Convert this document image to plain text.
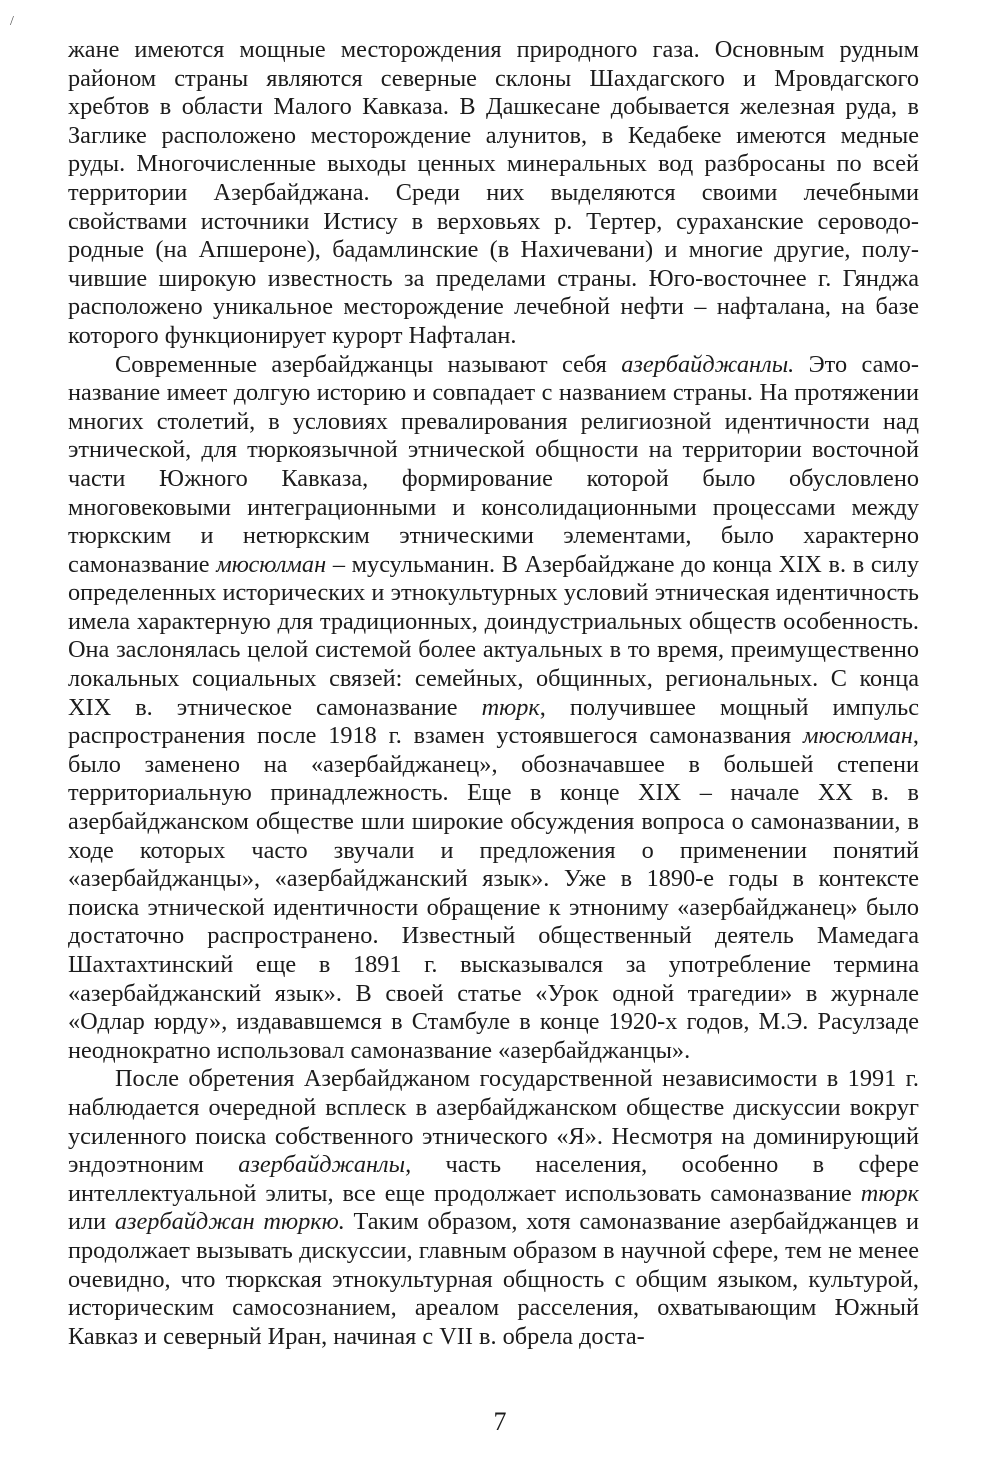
/

жане имеются мощные месторождения природного газа. Основным рудным районом страны являются северные склоны Шахдагского и Мровдагского хребтов в области Малого Кавказа. В Дашкесане добывается железная руда, в Заглике расположено месторождение алунитов, в Кедабеке имеются медные руды. Многочисленные выходы ценных минеральных вод разбросаны по всей территории Азербайджана. Среди них выделяются своими лечебными свойствами источники Истису в верховьях р. Тертер, сураханские сероводородные (на Апшероне), бадамлинские (в Нахичевани) и многие другие, получившие широкую известность за пределами страны. Юго-восточнее г. Гянджа расположено уникальное месторождение лечебной нефти – нафталана, на базе которого функционирует курорт Нафталан.

Современные азербайджанцы называют себя азербайджанлы. Это самоназвание имеет долгую историю и совпадает с названием страны. На протяжении многих столетий, в условиях превалирования религиозной идентичности над этнической, для тюркоязычной этнической общности на территории восточной части Южного Кавказа, формирование которой было обусловлено многовековыми интеграционными и консолидационными процессами между тюркским и нетюркским этническими элементами, было характерно самоназвание мюсюлман – мусульманин. В Азербайджане до конца XIX в. в силу определенных исторических и этнокультурных условий этническая идентичность имела характерную для традиционных, доиндустриальных обществ особенность. Она заслонялась целой системой более актуальных в то время, преимущественно локальных социальных связей: семейных, общинных, региональных. С конца XIX в. этническое самоназвание тюрк, получившее мощный импульс распространения после 1918 г. взамен устоявшегося самоназвания мюсюлман, было заменено на «азербайджанец», обозначавшее в большей степени территориальную принадлежность. Еще в конце XIX – начале XX в. в азербайджанском обществе шли широкие обсуждения вопроса о самоназвании, в ходе которых часто звучали и предложения о применении понятий «азербайджанцы», «азербайджанский язык». Уже в 1890-е годы в контексте поиска этнической идентичности обращение к этнониму «азербайджанец» было достаточно распространено. Известный общественный деятель Мамедага Шахтахтинский еще в 1891 г. высказывался за употребление термина «азербайджанский язык». В своей статье «Урок одной трагедии» в журнале «Одлар юрду», издававшемся в Стамбуле в конце 1920-х годов, М.Э. Расулзаде неоднократно использовал самоназвание «азербайджанцы».

После обретения Азербайджаном государственной независимости в 1991 г. наблюдается очередной всплеск в азербайджанском обществе дискуссии вокруг усиленного поиска собственного этнического «Я». Несмотря на доминирующий эндоэтноним азербайджанлы, часть населения, особенно в сфере интеллектуальной элиты, все еще продолжает использовать самоназвание тюрк или азербайджан тюркю. Таким образом, хотя самоназвание азербайджанцев и продолжает вызывать дискуссии, главным образом в научной сфере, тем не менее очевидно, что тюркская этнокультурная общность с общим языком, культурой, историческим самосознанием, ареалом расселения, охватывающим Южный Кавказ и северный Иран, начиная с VII в. обрела доста-

7
